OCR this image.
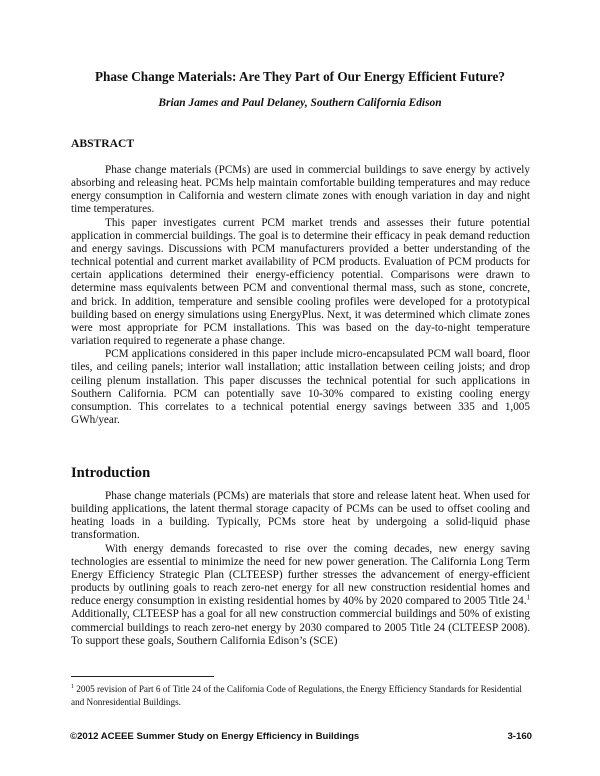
Phase Change Materials: Are They Part of Our Energy Efficient Future?
Brian James and Paul Delaney, Southern California Edison
ABSTRACT

Phase change materials (PCMs) are used in commercial buildings to save energy by actively absorbing and releasing heat. PCMs help maintain comfortable building temperatures and may reduce energy consumption in California and western climate zones with enough variation in day and night time temperatures.

This paper investigates current PCM market trends and assesses their future potential application in commercial buildings. The goal is to determine their efficacy in peak demand reduction and energy savings. Discussions with PCM manufacturers provided a better understanding of the technical potential and current market availability of PCM products. Evaluation of PCM products for certain applications determined their energy-efficiency potential. Comparisons were drawn to determine mass equivalents between PCM and conventional thermal mass, such as stone, concrete, and brick. In addition, temperature and sensible cooling profiles were developed for a prototypical building based on energy simulations using EnergyPlus. Next, it was determined which climate zones were most appropriate for PCM installations. This was based on the day-to-night temperature variation required to regenerate a phase change.

PCM applications considered in this paper include micro-encapsulated PCM wall board, floor tiles, and ceiling panels; interior wall installation; attic installation between ceiling joists; and drop ceiling plenum installation. This paper discusses the technical potential for such applications in Southern California. PCM can potentially save 10-30% compared to existing cooling energy consumption. This correlates to a technical potential energy savings between 335 and 1,005 GWh/year.

Introduction

Phase change materials (PCMs) are materials that store and release latent heat. When used for building applications, the latent thermal storage capacity of PCMs can be used to offset cooling and heating loads in a building. Typically, PCMs store heat by undergoing a solid-liquid phase transformation.

With energy demands forecasted to rise over the coming decades, new energy saving technologies are essential to minimize the need for new power generation. The California Long Term Energy Efficiency Strategic Plan (CLTEESP) further stresses the advancement of energy-efficient products by outlining goals to reach zero-net energy for all new construction residential homes and reduce energy consumption in existing residential homes by 40% by 2020 compared to 2005 Title 24.$^1$ Additionally, CLTEESP has a goal for all new construction commercial buildings and 50% of existing commercial buildings to reach zero-net energy by 2030 compared to 2005 Title 24 (CLTEESP 2008). To support these goals, Southern California Edison’s (SCE)

$^1$ 2005 revision of Part 6 of Title 24 of the California Code of Regulations, the Energy Efficiency Standards for Residential and Nonresidential Buildings.
©2012 ACEEE Summer Study on Energy Efficiency in Buildings	3-160
